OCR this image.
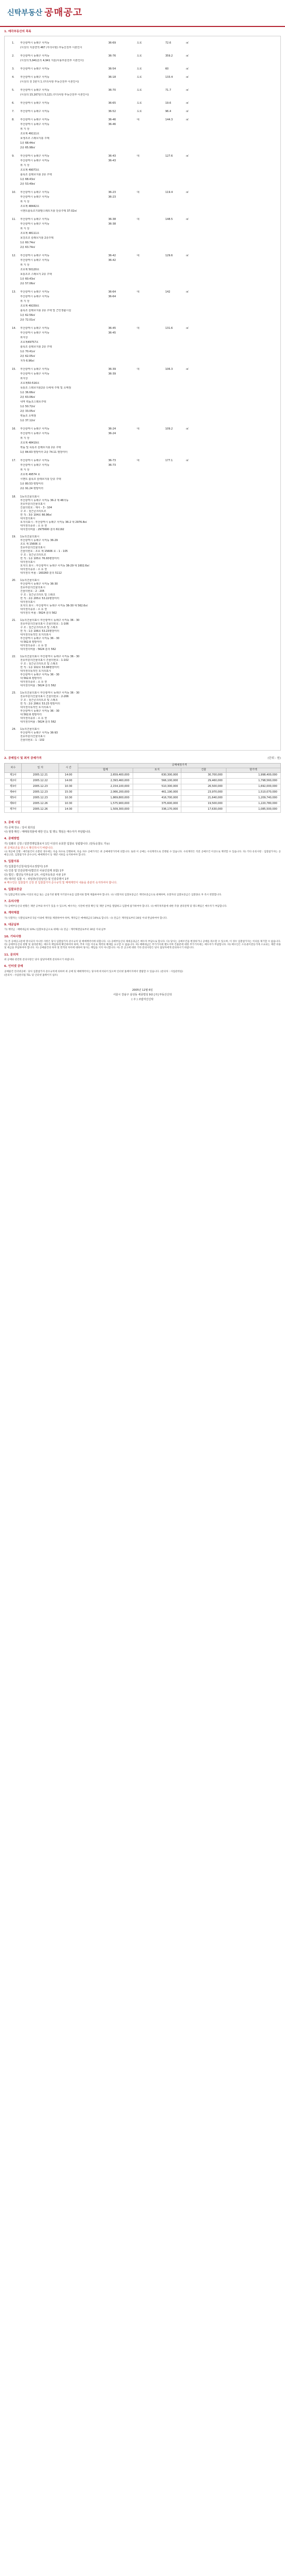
신탁부동산 공매공고
1. 매각부동산의 목록
1.	부산광역시 동래구 사직동	36-69	도로	72.6	㎡
(이상의 지분면적 467 /주의사항) 부동산전부 이본인이
2.	부산광역시 동래구 사직동	36-76	도로	359.2	㎡
(이상의 5,941분의 4,941 지분/사용부분전부 이본인이)
3.	부산광역시 동래구 사직동	36-54	도로	60	㎡
4.	부산광역시 동래구 사직동	36-18	도로	133.4	㎡
(이상의 전 1번지 1 /주의사항 부동산전부 이본인이)
5.	부산광역시 동래구 사직동	36-70	도로	71.7	㎡
(이상의 15,167분의 5,121 /주의사항 부동산전부 이본인이)
6.	부산광역시 동래구 사직동	36-65	도로	19.6	㎡
7.	부산광역시 동래구 사직동	36-52	도로	96.4	㎡
8.	부산광역시 동래구 사직동	36-46	대	144.3	㎡
부산광역시 동래구 사직동	36-46
위 지 상
조호제 49111호
보생조조 스래브지붕 주택
1층 68.44㎡
2층 65.98㎡
9.	부산광역시 동래구 사직동	36-43	대	127.6	㎡
부산광역시 동래구 사직동	36-43
위 지 상
조호제 49073호
블록조 슬래브지붕 2층 주택
1층 68.43㎡
2층 53.49㎡
10.	부산광역시 동래구 사직동	36-23	대	119.4	㎡
부산광역시 동래구 사직동	36-23
위 지 상
조호제 48442호
시멘트블록조기와팔스래트지붕 단층주택 37.02㎡
11.	부산광역시 동래구 사직동	36-38	대	148.5	㎡
부산광역시 동래구 사직동	36-38
위 지 상
조호제 48111호
보강조조 슬래브지붕 2층주택
1층 60.74㎡
2층 63.74㎡
12.	부산광역시 동래구 사직동	36-42	대	129.6	㎡
부산광역시 동래구 사직동	36-42
위 지 상
조호제 50120호
보통조조 스래브지 2층 주택
1층 60.43㎡
2층 57.06㎡
13.	부산광역시 동래구 사직동	36-64	대	142	㎡
부산광역시 동래구 사직동	36-64
위 지 상
조호제 49159호
블록조 슬래브지붕 2층 주택 및 근린생활시설
1층 62.56㎡
2층 72.01㎡
14.	부산광역시 동래구 사직동	36-45	대	131.6	㎡
부산광역시 동래구 사직동	36-45
위지상
조호제49757호
블록조 슬래브지붕 2층 주택
1층 70.41㎡
2층 62.05㎡
지하 6.96㎡
15.	부산광역시 동래구 사직동	36-39	대	106.3	㎡
부산광역시 동래구 사직동	36-39
위지상
조호제50-516호
목통조 스레브지붕2층 다세대 주택 및 소매점
1층 36.66㎡
2층 63.06㎡
내역 벽돌조스레브주택
1층 50.72㎡
2층 33.05㎡
벽돌조 소매점
1층 37.12㎡
16.	부산광역시 동래구 사직동	36-24	대	109.2	㎡
부산광역시 동래구 사직동	36-24
위 지 상
조호제 48419호
벽돌 및 목통조 슬래브지붕 2층 주택
1층 84.63 평방미터 2층 74.11 평방미터
17.	부산광역시 동래구 사직동	36-73	대	177.1	㎡
부산광역시 동래구 사직동	36-73
위 지 상
조호제 49574 호
시멘트 블록조 슬래브지붕 단층 주택
1층 80.53 평방미터
2층 91.24 평방미터
18.	1동의건물의표시
부산광역시 동래구 사직동 36-2 제 46의동
전유부분의건물의표시
건물의번호 : 제이 - 3 - 104
구 조 : 철근콘크리트조
면 적 : 3층 104호 66.96㎡
대지권의표시
토지의표시 : 부산광역시 동래구 사직동 36-2 대 2976.8㎡
대지권의종류 : 소 유 권
대지권의비율 : 2975600 분의 61192
19.	1동의건물의표시
부산광역시 동래구 사직동 36-29
조호 제 15606 호
전유부분의건물의표시
건물의번호 : 조호 제 15606 호 - 1 - 105
구 조 : 철근콘크리트조
면 적 : 1층 105호 76.93평방미터
대지권의표시
토지의 표시 : 부산광역시 동래구 사직동 36-29 대 1602.6㎡
대지권의종류 : 소 유 권
대지권의 비율 : 160260 분의 5112
20.	1동의건물의표시
부산광역시 동래구 사직동 36-30
전유부분의건물의표시
건물의번호 : 2 - 205
구 조 : 철근콘크리트 및 스래조
면 적 : 2층 205호 53.22평방미터
대지권의표시
토지의 표시 : 부산광역시 동래구 사직동 36-30 대 562.6㎡
대지권의종류 : 소 유 권
대지권의 비율 : 5624 분의 562
21.	1동의건물의표시 부산광역시 동래구 사직동 36 - 30
전유부분의건물의표시 건물의번호 : 1-106
구 조 : 철근콘크리트조 및 스래조
면 적 : 1층 106호 53.23평방미터
대지권의목적인 토지의표시
부산광역시 동래구 사직동 36 - 30
대 562.6 평방미터
대지권의종류 : 소 유 권
대지권의비율 : 5624 분의 562
22.	1동의건물의표시 부산광역시 동래구 사직동 36 - 30
전유부분의건물의표시 건물의번호 : 1-102
구 조 : 철근콘크리트조 및 스래조
면 적 : 1층 102호 53.08평방미터
대지권의목적인 토지의표시
부산광역시 동래구 사직동 36 - 30
대 562.6 평방미터
대지권의종류 : 소 유 권
대지권의비율 : 5624 분의 562
23.	1동의건물의표시 부산광역시 동래구 사직동 36 - 30
전유부분의건물의표시 건물의번호 : 2-206
구 조 : 철근콘크리트조 및 스래조
면 적 : 2층 206호 53.23 평방미터
대지권의목적인 토지의표시
부산광역시 동래구 사직동 36 - 30
대 562.6 평방미터
대지권의종류 : 소 유 권
대지권의비율 : 5624 분의 562
24.	1동의건물의표시
부산광역시 동래구 사직동 36-93
전유부분의건물의표시
건물의번호 : 1 - 102
2. 공매일시 및 최저 공매가격	(단위 : 원)
차수	일 자	시 간	공매예정가격			
			합계	토지	건물	현가액
제1차	2005.12.21	14:00	2,659,400,000	630,300,000	30,700,000	1,998,400,000
제2차	2005.12.22	14:00	2,393,460,000	566,100,000	29,460,000	1,798,560,000
제3차	2005.12.23	10:30	2,154,100,000	510,300,000	26,500,000	1,692,000,000
제4차	2005.12.23	15:30	2,066,200,000	461,190,000	23,970,000	1,510,070,000
제5차	2005.12.23	10:30	1,869,800,000	416,700,000	21,640,000	1,209,740,000
제6차	2005.12.26	10:30	1,575,900,000	375,600,000	19,500,000	1,220,780,000
제7차	2005.12.26	14:30	1,509,300,000	336,170,000	17,630,000	1,085,500,000
3. 공매 시일
가) 공매 장소 : 당사 회의실
나) 현장 확인 : 매매목적물에 대한 인도 및 명도 책임은 매수자가 부담합니다.
4. 공매방법
가) 일괄의 신청 / 일반경쟁입찰로서 1인 이상의 유효한 입찰로 성립합니다. (단독응찰도 가능)
위 공매조건을 반드시 확인하시기 바랍니다.
나) 재공매 진행 : 매각물건이 유찰된 경우에는 다음 차수로 진행하며, 다음 차수 공매가격은 위 공매예정가격에 의합니다. 또한 이 공매는 수의계약으로 진행될 수 있습니다. 수의계약은 직전 공매조건 이상으로 계약할 수 있습니다. 다) 기타 유의사항 : 입찰참가자는 공매공고문, 입찰참가자 준수규칙, 매매계약서 등 제반 서류를 숙지하여야 합니다.
5. 입찰서류
가) 입찰참가신청서(당사소정양식) 1부
나) 인감 및 인감증명서(법인의 사용인감계 포함) 1부
다) 법인 : 법인등기부등본 1부, 사업자등록증 사본 1부
라) 대리인 입찰 시 : 위임장(인감날인) 및 인감증명서 1부
※ 매수인은 입찰참가 신청 전 입찰참가자 준수규칙 및 매매계약서 내용을 충분히 숙지하여야 합니다.
6. 입찰보증금
가) 입찰금액의 10% 이상의 현금 또는 금융기관 발행 자기앞수표를 입찰서와 함께 제출하여야 합니다. 나) 낙찰자의 입찰보증금은 계약보증금으로 대체하며, 유찰자의 입찰보증금은 입찰종료 후 즉시 반환합니다.
7. 유의사항
가) 공매부동산의 현황은 제반 공부와 차이가 있을 수 있으며, 매수자는 사전에 현장 확인 및 제반 공부를 열람하고 입찰에 참가하여야 합니다. 나) 매각목적물에 대한 각종 권리관계 및 명도책임은 매수자가 부담합니다.
8. 계약체결
가) 낙찰자는 낙찰일로부터 5일 이내에 계약을 체결하여야 하며, 계약금은 매매대금의 10%로 합니다. 나) 잔금은 계약일로부터 30일 이내 완납하여야 합니다.
9. 대금납부
가) 계약금 : 매매대금의 10% (입찰보증금으로 대체) 나) 잔금 : 계약체결일로부터 30일 이내 납부
10. 기타사항
가) 본 공매공고문에 명시되지 아니한 사항은 당사 입찰참가자 준수규칙 및 매매계약서에 의합니다. 나) 공매부동산의 제세공과금은 매수자 부담으로 합니다. 다) 당사는 공매조건을 변경하거나 공매를 취소할 수 있으며, 이 경우 입찰참가자는 이의를 제기할 수 없습니다. 라) 공매부동산의 현황 및 권리관계는 매수자 책임하에 확인하여야 하며, 추후 이를 이유로 계약의 해제를 요구할 수 없습니다. 마) 매매대금은 부가가치세 별도이며 건물분에 대한 부가가치세는 매수자가 부담합니다. 바) 매수인은 소유권이전등기에 소요되는 제반 비용 및 세금을 부담하여야 합니다. 사) 공매물건의 하자 및 면적의 차이에 대하여 당사는 책임을 지지 아니합니다. 아) 본 공고에 대한 기타 문의사항은 당사 담당자에게 문의하시기 바랍니다.
11. 문의처
위 공매와 관련한 문의사항은 당사 담당자에게 문의하시기 바랍니다.
6. 인터넷 공매
공매물건 인터넷공매 : 당사 입찰참가자 준수규칙에 의하여 위 공매 및 매매계약서는 당사에 비치되어 있으며 인터넷 홈페이지에서 열람할 수 있습니다. (문의처 : 사업관리팀)
(문의처 : 사업관리팀 TEL 및 인터넷 홈페이지 참조)
2005년 12월 6일
서울시 강남구 삼성동 세종빌딩 9층 [주] 부동산신탁
( 주 ) 코람자산신탁
